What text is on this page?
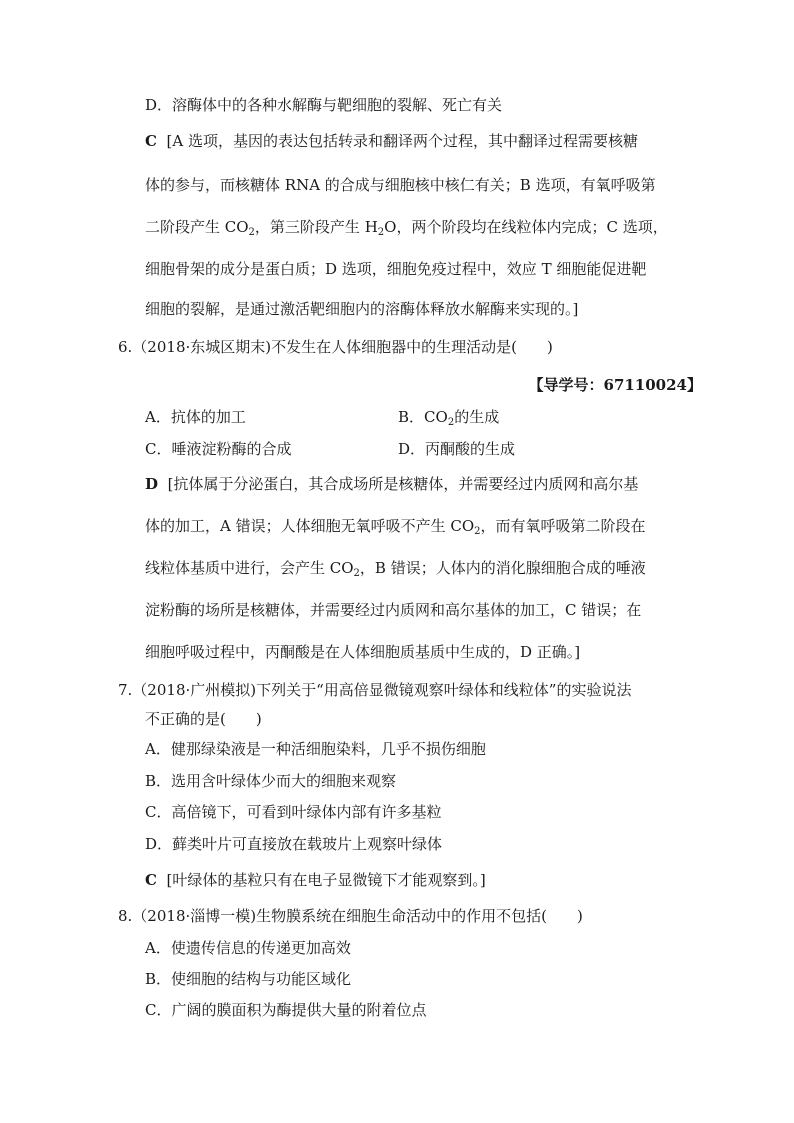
D．溶酶体中的各种水解酶与靶细胞的裂解、死亡有关
C [A 选项，基因的表达包括转录和翻译两个过程，其中翻译过程需要核糖
体的参与，而核糖体 RNA 的合成与细胞核中核仁有关；B 选项，有氧呼吸第
二阶段产生 $CO_2$，第三阶段产生 $H_2O$，两个阶段均在线粒体内完成；C 选项，
细胞骨架的成分是蛋白质；D 选项，细胞免疫过程中，效应 T 细胞能促进靶
细胞的裂解，是通过激活靶细胞内的溶酶体释放水解酶来实现的。]
6.（2018·东城区期末)不发生在人体细胞器中的生理活动是(　　)
【导学号：67110024】
A．抗体的加工	B．$CO_2$的生成
C．唾液淀粉酶的合成	D．丙酮酸的生成
D [抗体属于分泌蛋白，其合成场所是核糖体，并需要经过内质网和高尔基
体的加工，A 错误；人体细胞无氧呼吸不产生 $CO_2$，而有氧呼吸第二阶段在
线粒体基质中进行，会产生 $CO_2$，B 错误；人体内的消化腺细胞合成的唾液
淀粉酶的场所是核糖体，并需要经过内质网和高尔基体的加工，C 错误；在
细胞呼吸过程中，丙酮酸是在人体细胞质基质中生成的，D 正确。]
7.（2018·广州模拟)下列关于“用高倍显微镜观察叶绿体和线粒体”的实验说法
不正确的是(　　)
A．健那绿染液是一种活细胞染料，几乎不损伤细胞
B．选用含叶绿体少而大的细胞来观察
C．高倍镜下，可看到叶绿体内部有许多基粒
D．藓类叶片可直接放在载玻片上观察叶绿体
C [叶绿体的基粒只有在电子显微镜下才能观察到。]
8.（2018·淄博一模)生物膜系统在细胞生命活动中的作用不包括(　　)
A．使遗传信息的传递更加高效
B．使细胞的结构与功能区域化
C．广阔的膜面积为酶提供大量的附着位点
